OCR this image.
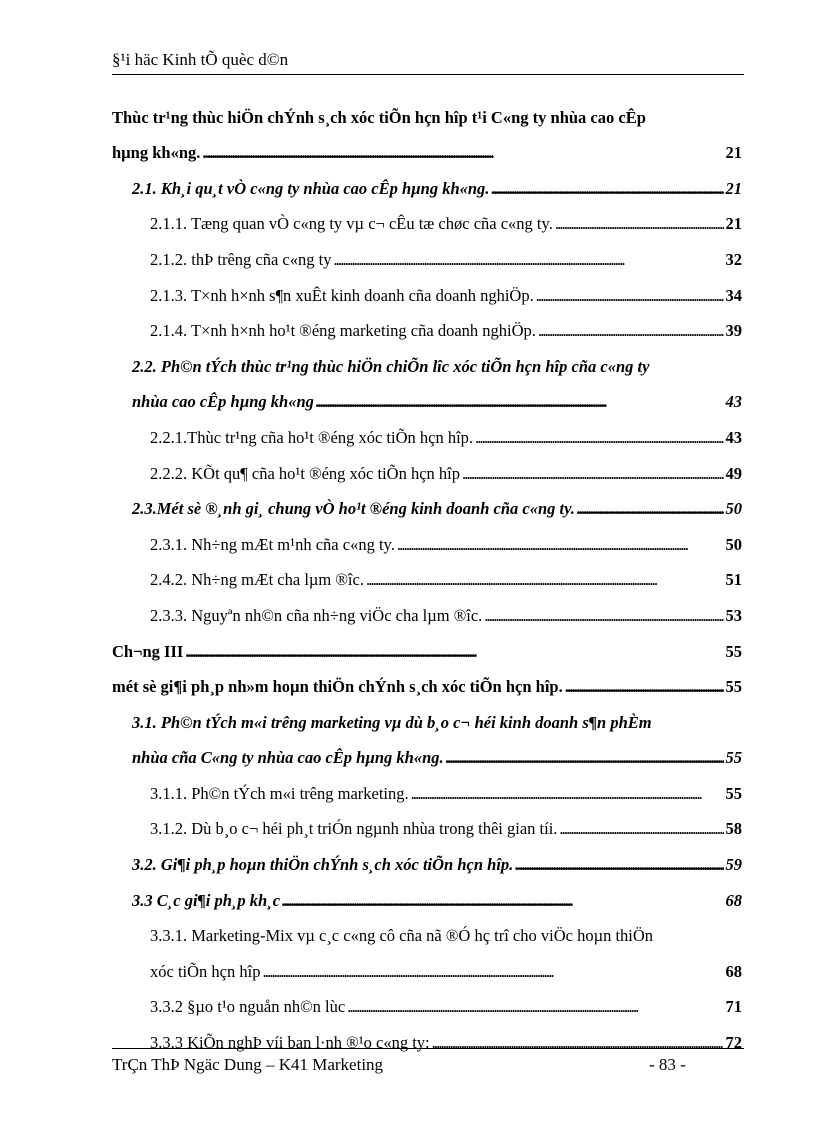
§¹i häc Kinh tÕ quèc d©n
Thùc tr¹ng thùc hiÖn chÝnh s¸ch xóc tiÕn hçn hîp t¹i C«ng ty nhùa cao cÊp
hµng kh«ng. . . .	21
2.1. Kh¸i qu¸t vÒ c«ng ty nhùa cao cÊp hµng kh«ng. . . .	21
2.1.1. Tæng quan vÒ c«ng ty vµ c¬ cÊu tæ chøc cña c«ng ty. . . .	21
2.1.2. thÞ trêng cña c«ng ty . . .	32
2.1.3. T×nh h×nh s¶n xuÊt kinh doanh cña doanh nghiÖp. . . .	34
2.1.4. T×nh h×nh ho¹t ®éng marketing cña doanh nghiÖp. . . .	39
2.2. Ph©n tÝch thùc tr¹ng thùc hiÖn chiÕn lîc xóc tiÕn hçn hîp cña c«ng ty
nhùa cao cÊp hµng kh«ng . . .	43
2.2.1.Thùc tr¹ng cña ho¹t ®éng xóc tiÕn hçn hîp. . . .	43
2.2.2. KÕt qu¶ cña ho¹t ®éng xóc tiÕn hçn hîp . . .	49
2.3.Mét sè ®¸nh gi¸ chung vÒ ho¹t ®éng kinh doanh cña c«ng ty. . . .	50
2.3.1. Nh÷ng mÆt m¹nh cña c«ng ty. . . .	50
2.4.2. Nh÷ng mÆt cha lµm ®îc. . . .	51
2.3.3. Nguyªn nh©n cña nh÷ng viÖc cha lµm ®îc. . . .	53
Ch¬ng III . . .	55
mét sè gi¶i ph¸p nh»m hoµn thiÖn chÝnh s¸ch xóc tiÕn hçn hîp. . . .	55
3.1. Ph©n tÝch m«i trêng marketing vµ dù b¸o c¬ héi kinh doanh s¶n phÈm
nhùa cña C«ng ty nhùa cao cÊp hµng kh«ng. . . .	55
3.1.1. Ph©n tÝch m«i trêng marketing. . . .	55
3.1.2. Dù b¸o c¬ héi ph¸t triÓn ngµnh nhùa trong thêi gian tíi. . . .	58
3.2. Gi¶i ph¸p hoµn thiÖn chÝnh s¸ch xóc tiÕn hçn hîp. . . .	59
3.3 C¸c gi¶i ph¸p kh¸c . . .	68
3.3.1. Marketing-Mix vµ c¸c c«ng cô cña nã ®Ó hç trî cho viÖc hoµn thiÖn
xóc tiÕn hçn hîp . . .	68
3.3.2 §µo t¹o nguån nh©n lùc . . .	71
3.3.3 KiÕn nghÞ víi ban l·nh ®¹o c«ng ty: . . .	72
TrÇn ThÞ Ngäc Dung – K41 Marketing	- 83 -
